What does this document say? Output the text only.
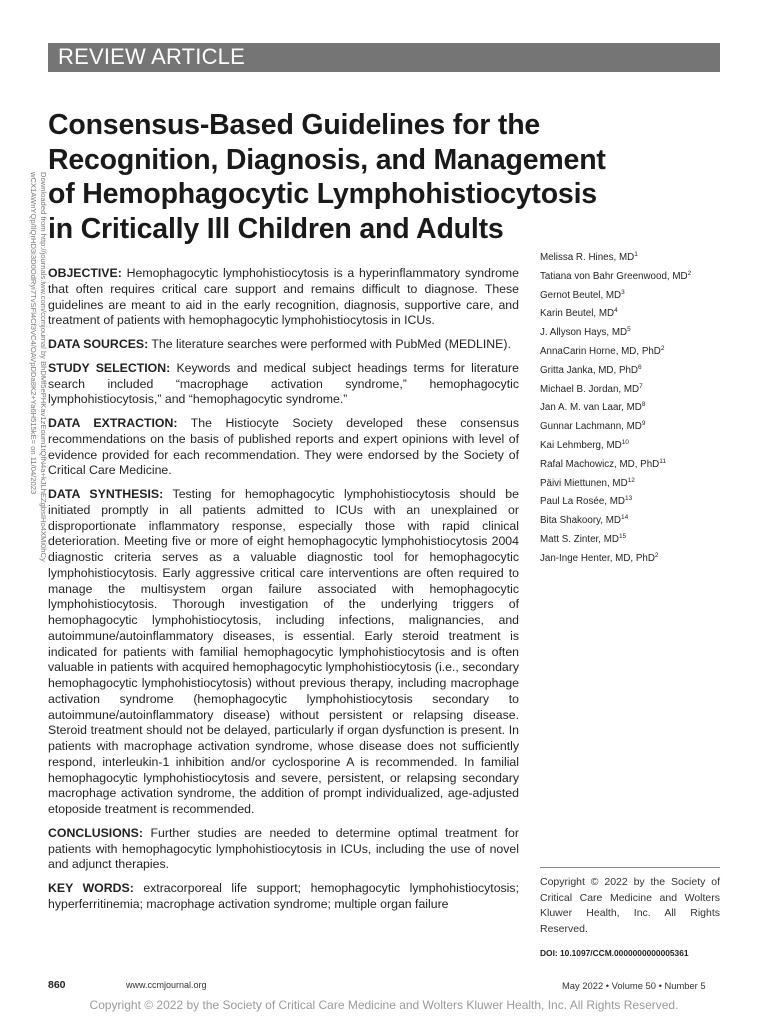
REVIEW ARTICLE
Consensus-Based Guidelines for the
Recognition, Diagnosis, and Management
of Hemophagocytic Lymphohistiocytosis
in Critically Ill Children and Adults
Downloaded from http://journals.lww.com/ccmjournal by BhDMf5ePHKav1zEoum1tQfN4a+kJLhEZgbsIHo4XMi0hCy
wCX1AWnYQp/IlQrHD3i3D0OdRyi7TvSFl4Cf3VC4/OAVpDDa8K2+Ya6H515kE= on 11/04/2023 OBJECTIVE: Hemophagocytic lymphohistiocytosis is a hyperinflammatory syndrome that often requires critical care support and remains difficult to diagnose. These guidelines are meant to aid in the early recognition, diagnosis, supportive care, and treatment of patients with hemophagocytic lymphohistiocytosis in ICUs.

DATA SOURCES: The literature searches were performed with PubMed (MEDLINE).

STUDY SELECTION: Keywords and medical subject headings terms for literature search included “macrophage activation syndrome,” hemophagocytic lymphohistiocytosis,” and “hemophagocytic syndrome.”

DATA EXTRACTION: The Histiocyte Society developed these consensus recommendations on the basis of published reports and expert opinions with level of evidence provided for each recommendation. They were endorsed by the Society of Critical Care Medicine.

DATA SYNTHESIS: Testing for hemophagocytic lymphohistiocytosis should be initiated promptly in all patients admitted to ICUs with an unexplained or disproportionate inflammatory response, especially those with rapid clinical deterioration. Meeting five or more of eight hemophagocytic lymphohistiocytosis 2004 diagnostic criteria serves as a valuable diagnostic tool for hemophagocytic lymphohistiocytosis. Early aggressive critical care interventions are often required to manage the multisystem organ failure associated with hemophagocytic lymphohistiocytosis. Thorough investigation of the underlying triggers of hemophagocytic lymphohistiocytosis, including infections, malignancies, and autoimmune/autoinflammatory diseases, is essential. Early steroid treatment is indicated for patients with familial hemophagocytic lymphohistiocytosis and is often valuable in patients with acquired hemophagocytic lymphohistiocytosis (i.e., secondary hemophagocytic lymphohistiocytosis) without previous therapy, including macrophage activation syndrome (hemophagocytic lymphohistiocytosis secondary to autoimmune/autoinflammatory disease) without persistent or relapsing disease. Steroid treatment should not be delayed, particularly if organ dysfunction is present. In patients with macrophage activation syndrome, whose disease does not sufficiently respond, interleukin-1 inhibition and/or cyclosporine A is recommended. In familial hemophagocytic lymphohistiocytosis and severe, persistent, or relapsing secondary macrophage activation syndrome, the addition of prompt individualized, age-adjusted etoposide treatment is recommended.

CONCLUSIONS: Further studies are needed to determine optimal treatment for patients with hemophagocytic lymphohistiocytosis in ICUs, including the use of novel and adjunct therapies.

KEY WORDS: extracorporeal life support; hemophagocytic lymphohistiocytosis; hyperferritinemia; macrophage activation syndrome; multiple organ failure

Melissa R. Hines, $MD^1$
Tatiana von Bahr Greenwood, $MD^2$
Gernot Beutel, $MD^3$
Karin Beutel, $MD^4$
J. Allyson Hays, $MD^5$
AnnaCarin Horne, MD, PhD$^2$
Gritta Janka, MD, PhD$^6$
Michael B. Jordan, $MD^7$
Jan A. M. van Laar, $MD^8$
Gunnar Lachmann, $MD^9$
Kai Lehmberg, MD$^{10}$
Rafal Machowicz, MD, PhD$^{11}$
Päivi Miettunen, MD$^{12}$
Paul La Rosée, MD$^{13}$
Bita Shakoory, MD$^{14}$
Matt S. Zinter, MD$^{15}$
Jan-Inge Henter, MD, PhD$^2$
Copyright © 2022 by the Society of Critical Care Medicine and Wolters Kluwer Health, Inc. All Rights Reserved.
DOI: 10.1097/CCM.0000000000005361
860	www.ccmjournal.org	May 2022 • Volume 50 • Number 5
Copyright © 2022 by the Society of Critical Care Medicine and Wolters Kluwer Health, Inc. All Rights Reserved.
